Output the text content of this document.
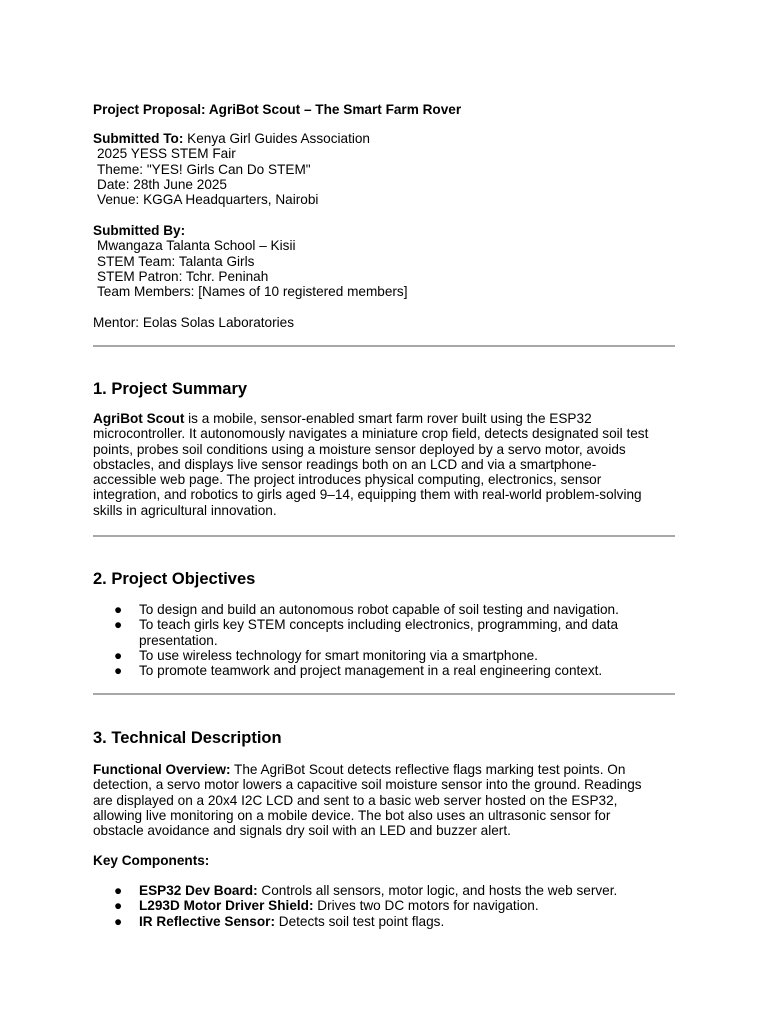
Project Proposal: AgriBot Scout – The Smart Farm Rover
Submitted To: Kenya Girl Guides Association
2025 YESS STEM Fair
Theme: "YES! Girls Can Do STEM"
Date: 28th June 2025
Venue: KGGA Headquarters, Nairobi
Submitted By:
Mwangaza Talanta School – Kisii
STEM Team: Talanta Girls
STEM Patron: Tchr. Peninah
Team Members: [Names of 10 registered members]
Mentor: Eolas Solas Laboratories
1. Project Summary
AgriBot Scout is a mobile, sensor-enabled smart farm rover built using the ESP32
microcontroller. It autonomously navigates a miniature crop field, detects designated soil test
points, probes soil conditions using a moisture sensor deployed by a servo motor, avoids
obstacles, and displays live sensor readings both on an LCD and via a smartphone-
accessible web page. The project introduces physical computing, electronics, sensor
integration, and robotics to girls aged 9–14, equipping them with real-world problem-solving
skills in agricultural innovation.
2. Project Objectives
● To design and build an autonomous robot capable of soil testing and navigation.
● To teach girls key STEM concepts including electronics, programming, and data
presentation.
● To use wireless technology for smart monitoring via a smartphone.
● To promote teamwork and project management in a real engineering context.
3. Technical Description
Functional Overview: The AgriBot Scout detects reflective flags marking test points. On
detection, a servo motor lowers a capacitive soil moisture sensor into the ground. Readings
are displayed on a 20x4 I2C LCD and sent to a basic web server hosted on the ESP32,
allowing live monitoring on a mobile device. The bot also uses an ultrasonic sensor for
obstacle avoidance and signals dry soil with an LED and buzzer alert.
Key Components:
● ESP32 Dev Board: Controls all sensors, motor logic, and hosts the web server.
● L293D Motor Driver Shield: Drives two DC motors for navigation.
● IR Reflective Sensor: Detects soil test point flags.
